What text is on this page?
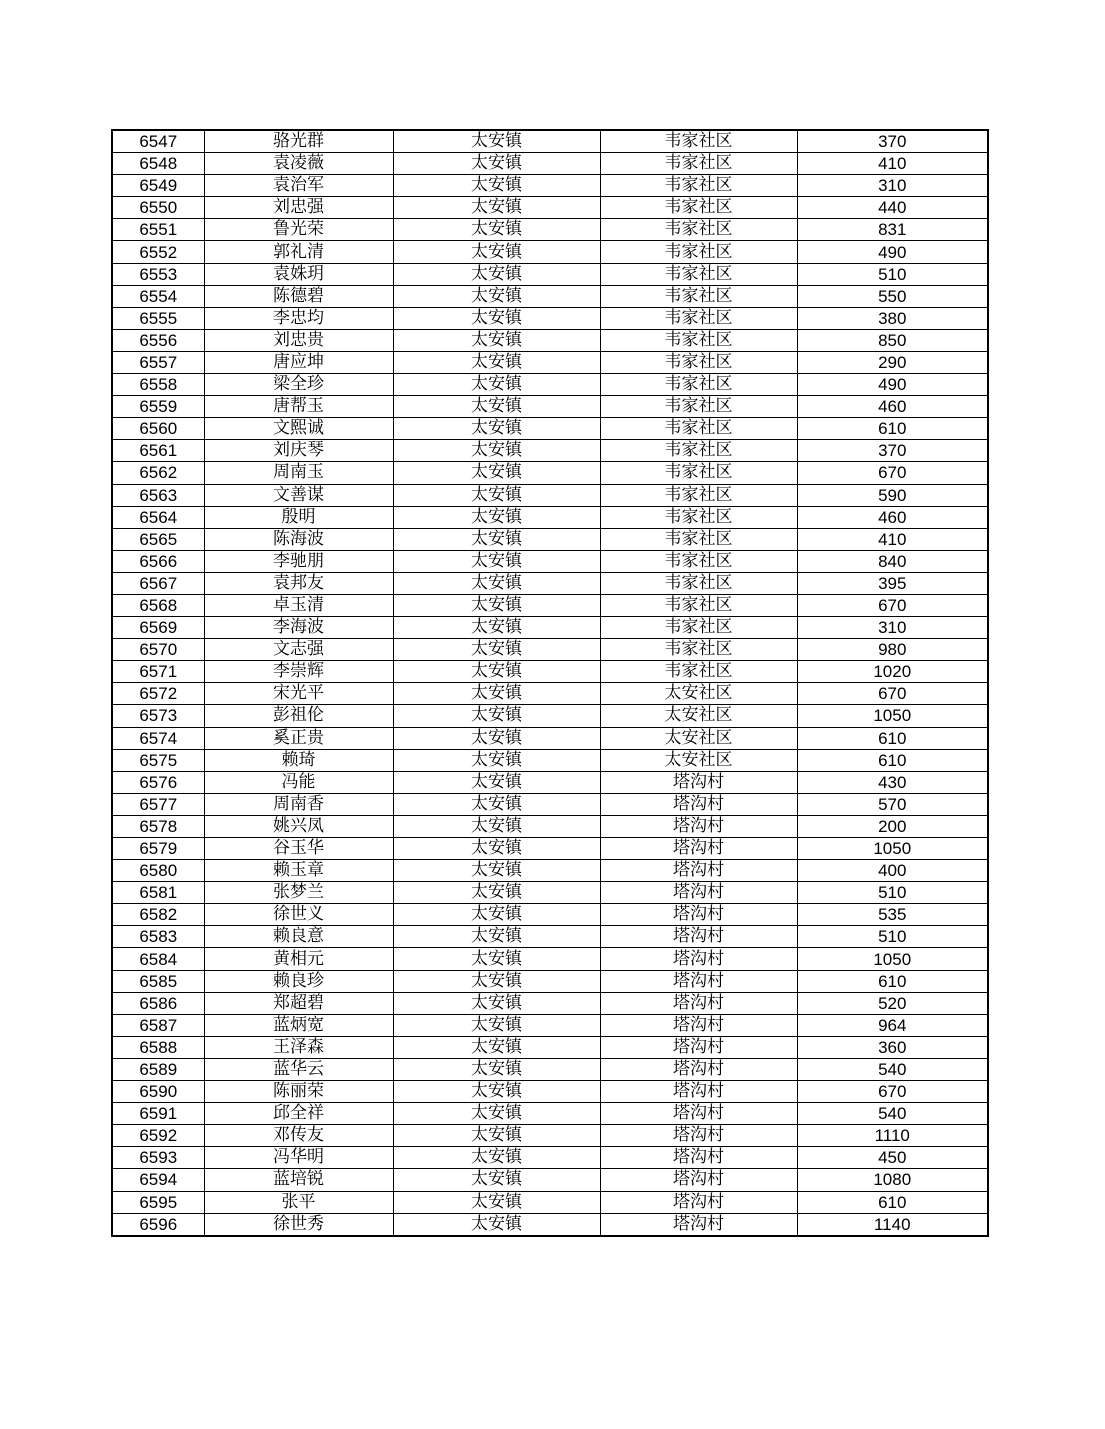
6547	骆光群	太安镇	韦家社区	370
6548	袁凌薇	太安镇	韦家社区	410
6549	袁治军	太安镇	韦家社区	310
6550	刘忠强	太安镇	韦家社区	440
6551	鲁光荣	太安镇	韦家社区	831
6552	郭礼清	太安镇	韦家社区	490
6553	袁姝玥	太安镇	韦家社区	510
6554	陈德碧	太安镇	韦家社区	550
6555	李忠均	太安镇	韦家社区	380
6556	刘忠贵	太安镇	韦家社区	850
6557	唐应坤	太安镇	韦家社区	290
6558	梁全珍	太安镇	韦家社区	490
6559	唐帮玉	太安镇	韦家社区	460
6560	文熙诚	太安镇	韦家社区	610
6561	刘庆琴	太安镇	韦家社区	370
6562	周南玉	太安镇	韦家社区	670
6563	文善谋	太安镇	韦家社区	590
6564	殷明	太安镇	韦家社区	460
6565	陈海波	太安镇	韦家社区	410
6566	李驰朋	太安镇	韦家社区	840
6567	袁邦友	太安镇	韦家社区	395
6568	卓玉清	太安镇	韦家社区	670
6569	李海波	太安镇	韦家社区	310
6570	文志强	太安镇	韦家社区	980
6571	李崇辉	太安镇	韦家社区	1020
6572	宋光平	太安镇	太安社区	670
6573	彭祖伦	太安镇	太安社区	1050
6574	奚正贵	太安镇	太安社区	610
6575	赖琦	太安镇	太安社区	610
6576	冯能	太安镇	塔沟村	430
6577	周南香	太安镇	塔沟村	570
6578	姚兴凤	太安镇	塔沟村	200
6579	谷玉华	太安镇	塔沟村	1050
6580	赖玉章	太安镇	塔沟村	400
6581	张梦兰	太安镇	塔沟村	510
6582	徐世义	太安镇	塔沟村	535
6583	赖良意	太安镇	塔沟村	510
6584	黄相元	太安镇	塔沟村	1050
6585	赖良珍	太安镇	塔沟村	610
6586	郑超碧	太安镇	塔沟村	520
6587	蓝炳宽	太安镇	塔沟村	964
6588	王泽森	太安镇	塔沟村	360
6589	蓝华云	太安镇	塔沟村	540
6590	陈丽荣	太安镇	塔沟村	670
6591	邱全祥	太安镇	塔沟村	540
6592	邓传友	太安镇	塔沟村	1110
6593	冯华明	太安镇	塔沟村	450
6594	蓝培锐	太安镇	塔沟村	1080
6595	张平	太安镇	塔沟村	610
6596	徐世秀	太安镇	塔沟村	1140
